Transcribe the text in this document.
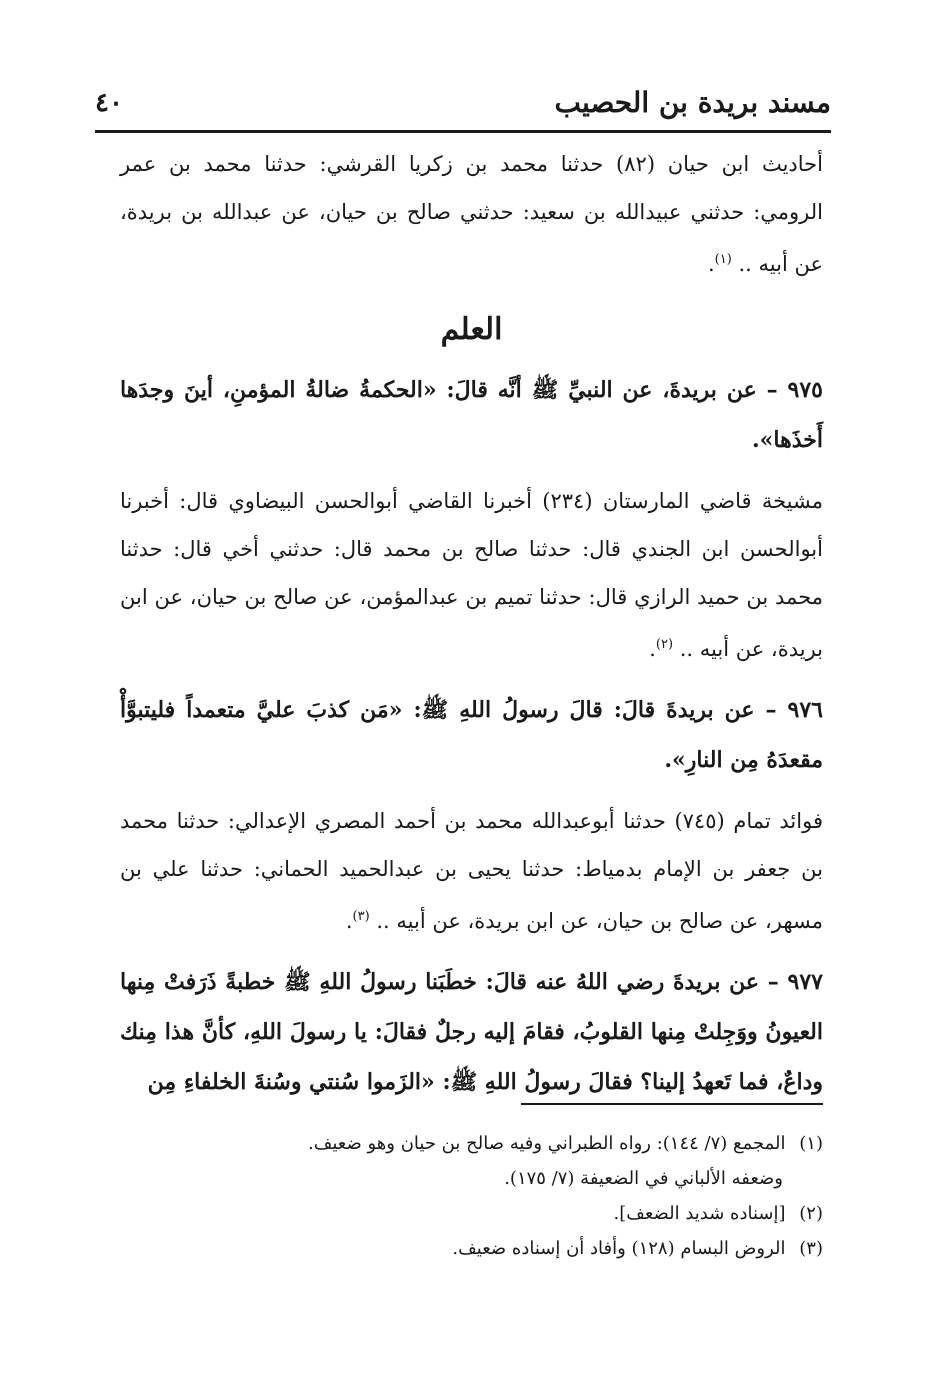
مسند بريدة بن الحصيب
٤٠

أحاديث ابن حيان (٨٢) حدثنا محمد بن زكريا القرشي: حدثنا محمد بن عمر الرومي: حدثني عبيدالله بن سعيد: حدثني صالح بن حيان، عن عبدالله بن بريدة، عن أبيه .. $^{(١)}$.

العلم

٩٧٥ – عن بريدةَ، عن النبيِّ ﷺ أنَّه قالَ: «الحكمةُ ضالةُ المؤمنِ، أينَ وجدَها أَخذَها».

مشيخة قاضي المارستان (٢٣٤) أخبرنا القاضي أبوالحسن البيضاوي قال: أخبرنا أبوالحسن ابن الجندي قال: حدثنا صالح بن محمد قال: حدثني أخي قال: حدثنا محمد بن حميد الرازي قال: حدثنا تميم بن عبدالمؤمن، عن صالح بن حيان، عن ابن بريدة، عن أبيه .. $^{(٢)}$.

٩٧٦ – عن بريدةَ قالَ: قالَ رسولُ اللهِ ﷺ: «مَن كذبَ عليَّ متعمداً فليتبوَّأْ مقعدَهُ مِن النارِ».

فوائد تمام (٧٤٥) حدثنا أبوعبدالله محمد بن أحمد المصري الإعدالي: حدثنا محمد بن جعفر بن الإمام بدمياط: حدثنا يحيى بن عبدالحميد الحماني: حدثنا علي بن مسهر، عن صالح بن حيان، عن ابن بريدة، عن أبيه .. $^{(٣)}$.

٩٧٧ – عن بريدةَ رضي اللهُ عنه قالَ: خطَبَنا رسولُ اللهِ ﷺ خطبةً ذَرَفتْ مِنها العيونُ ووَجِلتْ مِنها القلوبُ، فقامَ إليه رجلٌ فقالَ: يا رسولَ اللهِ، كأنَّ هذا مِنك وداعٌ، فما تَعهدُ إلينا؟ فقالَ رسولُ اللهِ ﷺ: «الزَموا سُنتي وسُنةَ الخلفاءِ مِن

(١) المجمع (٧/ ١٤٤): رواه الطبراني وفيه صالح بن حيان وهو ضعيف.

وضعفه الألباني في الضعيفة (٧/ ١٧٥).

(٢) [إسناده شديد الضعف].

(٣) الروض البسام (١٢٨) وأفاد أن إسناده ضعيف.
